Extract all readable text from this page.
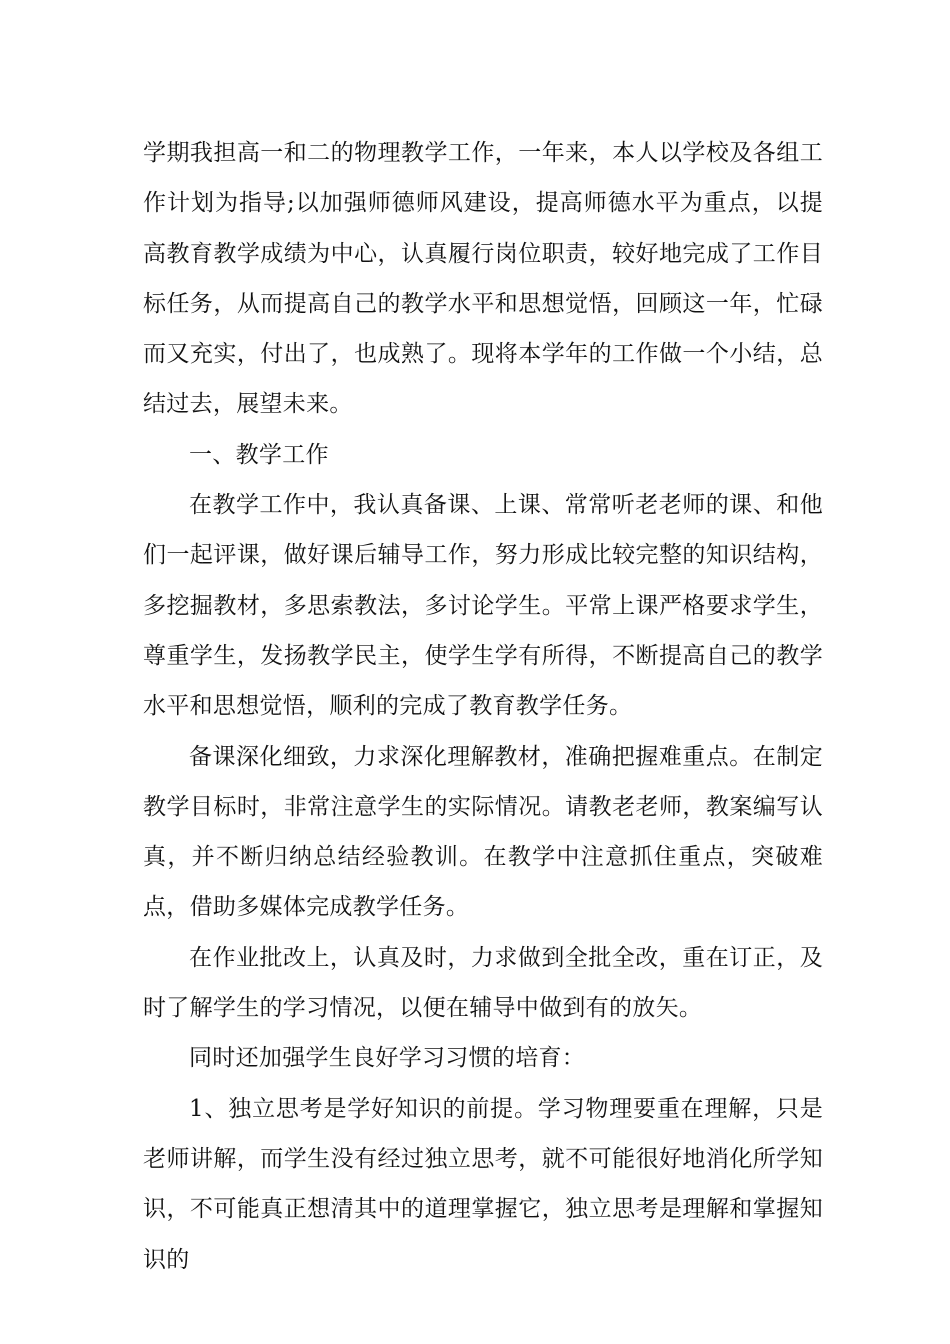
学期我担高一和二的物理教学工作，一年来，本人以学校及各组工作计划为指导;以加强师德师风建设，提高师德水平为重点，以提高教育教学成绩为中心，认真履行岗位职责，较好地完成了工作目标任务，从而提高自己的教学水平和思想觉悟，回顾这一年，忙碌而又充实，付出了，也成熟了。现将本学年的工作做一个小结，总结过去，展望未来。

一、教学工作

在教学工作中，我认真备课、上课、常常听老老师的课、和他们一起评课，做好课后辅导工作，努力形成比较完整的知识结构，多挖掘教材，多思索教法，多讨论学生。平常上课严格要求学生，尊重学生，发扬教学民主，使学生学有所得，不断提高自己的教学水平和思想觉悟，顺利的完成了教育教学任务。

备课深化细致，力求深化理解教材，准确把握难重点。在制定教学目标时，非常注意学生的实际情况。请教老老师，教案编写认真，并不断归纳总结经验教训。在教学中注意抓住重点，突破难点，借助多媒体完成教学任务。

在作业批改上，认真及时，力求做到全批全改，重在订正，及时了解学生的学习情况，以便在辅导中做到有的放矢。

同时还加强学生良好学习习惯的培育：

1、独立思考是学好知识的前提。学习物理要重在理解，只是老师讲解，而学生没有经过独立思考，就不可能很好地消化所学知识，不可能真正想清其中的道理掌握它，独立思考是理解和掌握知识的
